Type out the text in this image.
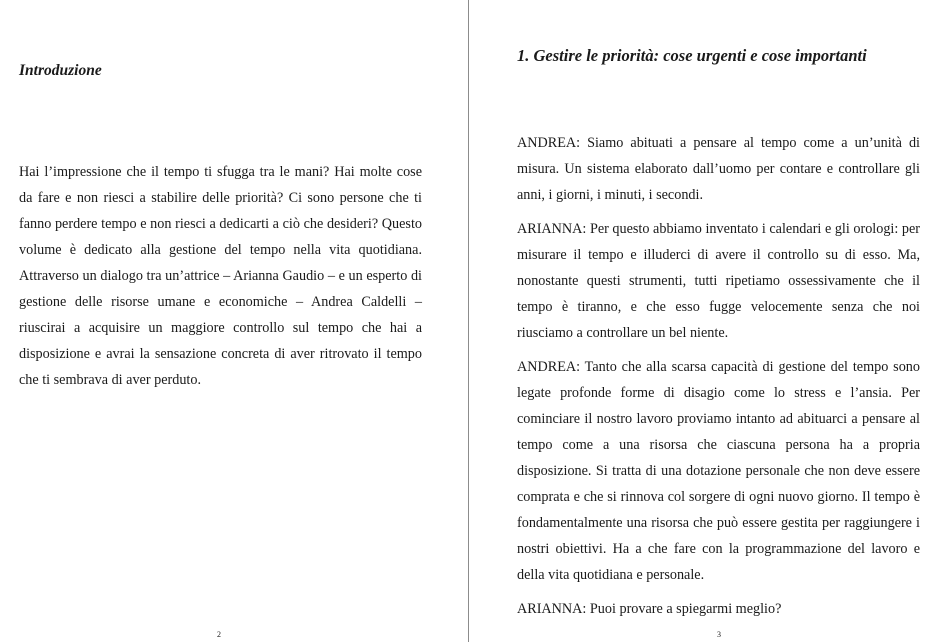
Introduzione

Hai l’impressione che il tempo ti sfugga tra le mani? Hai molte cose da fare e non riesci a stabilire delle priorità? Ci sono persone che ti fanno perdere tempo e non riesci a dedicarti a ciò che desideri? Questo volume è dedicato alla gestione del tempo nella vita quotidiana. Attraverso un dialogo tra un’attrice – Arianna Gaudio – e un esperto di gestione delle risorse umane e economiche – Andrea Caldelli – riuscirai a acquisire un maggiore controllo sul tempo che hai a disposizione e avrai la sensazione concreta di aver ritrovato il tempo che ti sembrava di aver perduto.

2
1. Gestire le priorità: cose urgenti e cose importanti

ANDREA: Siamo abituati a pensare al tempo come a un’unità di misura. Un sistema elaborato dall’uomo per contare e controllare gli anni, i giorni, i minuti, i secondi.

ARIANNA: Per questo abbiamo inventato i calendari e gli orologi: per misurare il tempo e illuderci di avere il controllo su di esso. Ma, nonostante questi strumenti, tutti ripetiamo ossessivamente che il tempo è tiranno, e che esso fugge velocemente senza che noi riusciamo a controllare un bel niente.

ANDREA: Tanto che alla scarsa capacità di gestione del tempo sono legate profonde forme di disagio come lo stress e l’ansia. Per cominciare il nostro lavoro proviamo intanto ad abituarci a pensare al tempo come a una risorsa che ciascuna persona ha a propria disposizione. Si tratta di una dotazione personale che non deve essere comprata e che si rinnova col sorgere di ogni nuovo giorno. Il tempo è fondamentalmente una risorsa che può essere gestita per raggiungere i nostri obiettivi. Ha a che fare con la programmazione del lavoro e della vita quotidiana e personale.

ARIANNA: Puoi provare a spiegarmi meglio?

3
